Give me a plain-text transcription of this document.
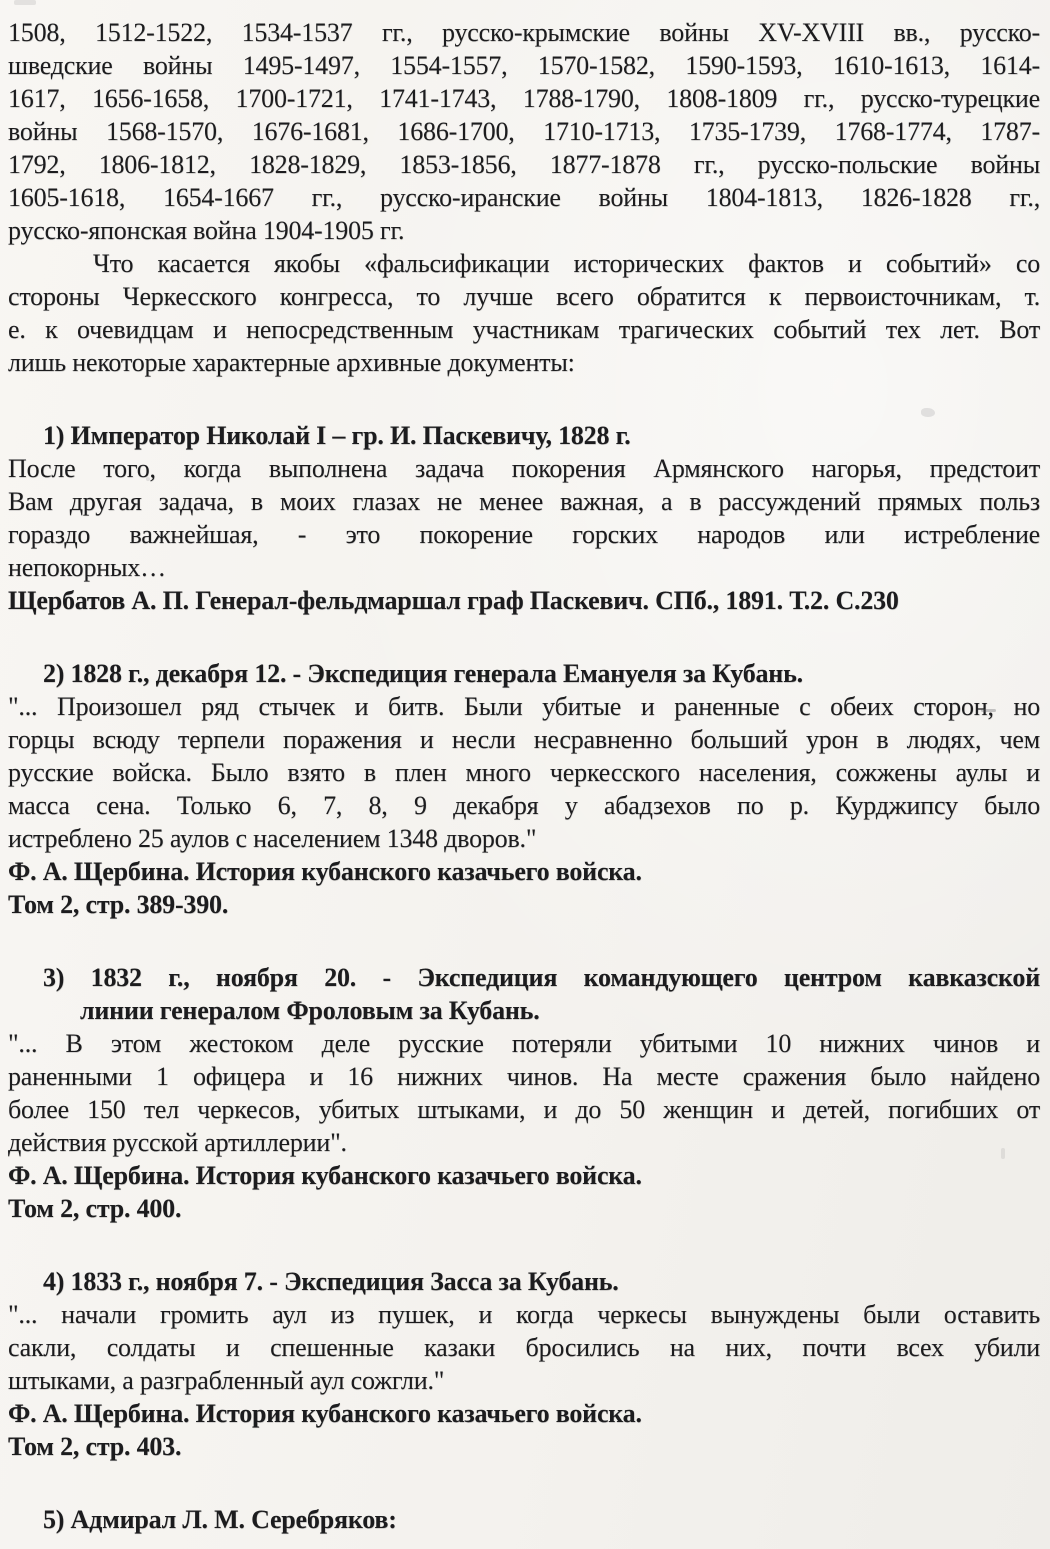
1508, 1512-1522, 1534-1537 гг., русско-крымские войны XV-XVIII вв., русско-
шведские войны 1495-1497, 1554-1557, 1570-1582, 1590-1593, 1610-1613, 1614-
1617, 1656-1658, 1700-1721, 1741-1743, 1788-1790, 1808-1809 гг., русско-турецкие
войны 1568-1570, 1676-1681, 1686-1700, 1710-1713, 1735-1739, 1768-1774, 1787-
1792, 1806-1812, 1828-1829, 1853-1856, 1877-1878 гг., русско-польские войны
1605-1618, 1654-1667 гг., русско-иранские войны 1804-1813, 1826-1828 гг.,
русско-японская война 1904-1905 гг.

Что касается якобы «фальсификации исторических фактов и событий» со
стороны Черкесского конгресса, то лучше всего обратится к первоисточникам, т.
е. к очевидцам и непосредственным участникам трагических событий тех лет. Вот
лишь некоторые характерные архивные документы:

1) Император Николай I – гр. И. Паскевичу, 1828 г.

После того, когда выполнена задача покорения Армянского нагорья, предстоит
Вам другая задача, в моих глазах не менее важная, а в рассуждений прямых польз
гораздо важнейшая, - это покорение горских народов или истребление
непокорных…

Щербатов А. П. Генерал-фельдмаршал граф Паскевич. СПб., 1891. Т.2. С.230

2) 1828 г., декабря 12. - Экспедиция генерала Емануеля за Кубань.

"... Произошел ряд стычек и битв. Были убитые и раненные с обеих сторон, но
горцы всюду терпели поражения и несли несравненно больший урон в людях, чем
русские войска. Было взято в плен много черкесского населения, сожжены аулы и
масса сена. Только 6, 7, 8, 9 декабря у абадзехов по р. Курджипсу было
истреблено 25 аулов с населением 1348 дворов."

Ф. А. Щербина. История кубанского казачьего войска.
Том 2, стр. 389-390.

3) 1832 г., ноября 20. - Экспедиция командующего центром кавказской
линии генералом Фроловым за Кубань.

"... В этом жестоком деле русские потеряли убитыми 10 нижних чинов и
раненными 1 офицера и 16 нижних чинов. На месте сражения было найдено
более 150 тел черкесов, убитых штыками, и до 50 женщин и детей, погибших от
действия русской артиллерии".

Ф. А. Щербина. История кубанского казачьего войска.
Том 2, стр. 400.

4) 1833 г., ноября 7. - Экспедиция Засса за Кубань.

"... начали громить аул из пушек, и когда черкесы вынуждены были оставить
сакли, солдаты и спешенные казаки бросились на них, почти всех убили
штыками, а разграбленный аул сожгли."

Ф. А. Щербина. История кубанского казачьего войска.
Том 2, стр. 403.

5) Адмирал Л. М. Серебряков:
